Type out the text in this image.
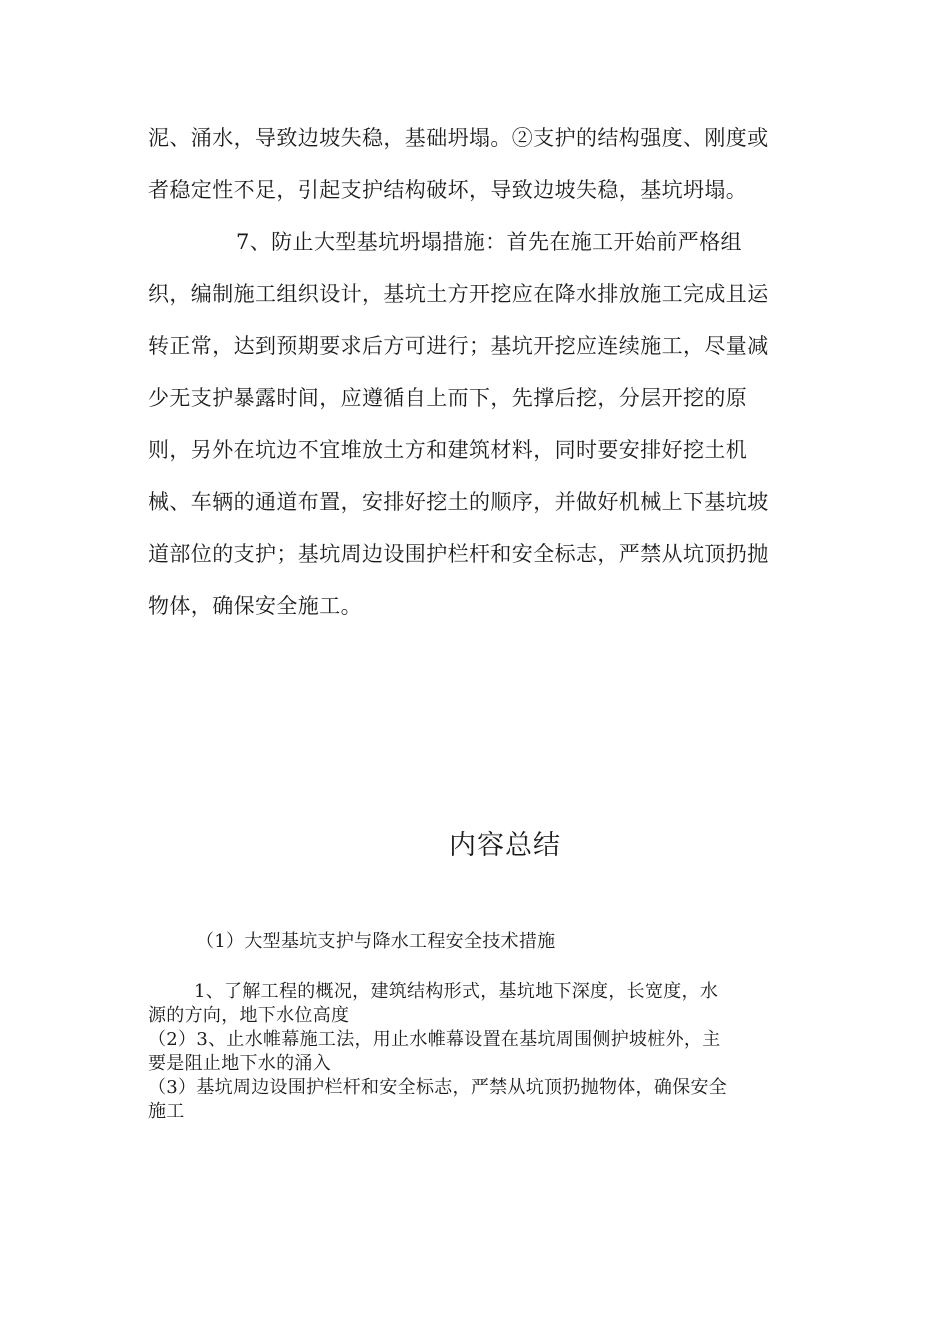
泥、涌水，导致边坡失稳，基础坍塌。②支护的结构强度、刚度或
者稳定性不足，引起支护结构破坏，导致边坡失稳，基坑坍塌。
7、防止大型基坑坍塌措施：首先在施工开始前严格组
织，编制施工组织设计，基坑土方开挖应在降水排放施工完成且运
转正常，达到预期要求后方可进行；基坑开挖应连续施工，尽量减
少无支护暴露时间，应遵循自上而下，先撑后挖，分层开挖的原
则，另外在坑边不宜堆放土方和建筑材料，同时要安排好挖土机
械、车辆的通道布置，安排好挖土的顺序，并做好机械上下基坑坡
道部位的支护；基坑周边设围护栏杆和安全标志，严禁从坑顶扔抛
物体，确保安全施工。
内容总结
（1）大型基坑支护与降水工程安全技术措施
1、了解工程的概况，建筑结构形式，基坑地下深度，长宽度，水
源的方向，地下水位高度
（2）3、止水帷幕施工法，用止水帷幕设置在基坑周围侧护坡桩外，主
要是阻止地下水的涌入
（3）基坑周边设围护栏杆和安全标志，严禁从坑顶扔抛物体，确保安全
施工
